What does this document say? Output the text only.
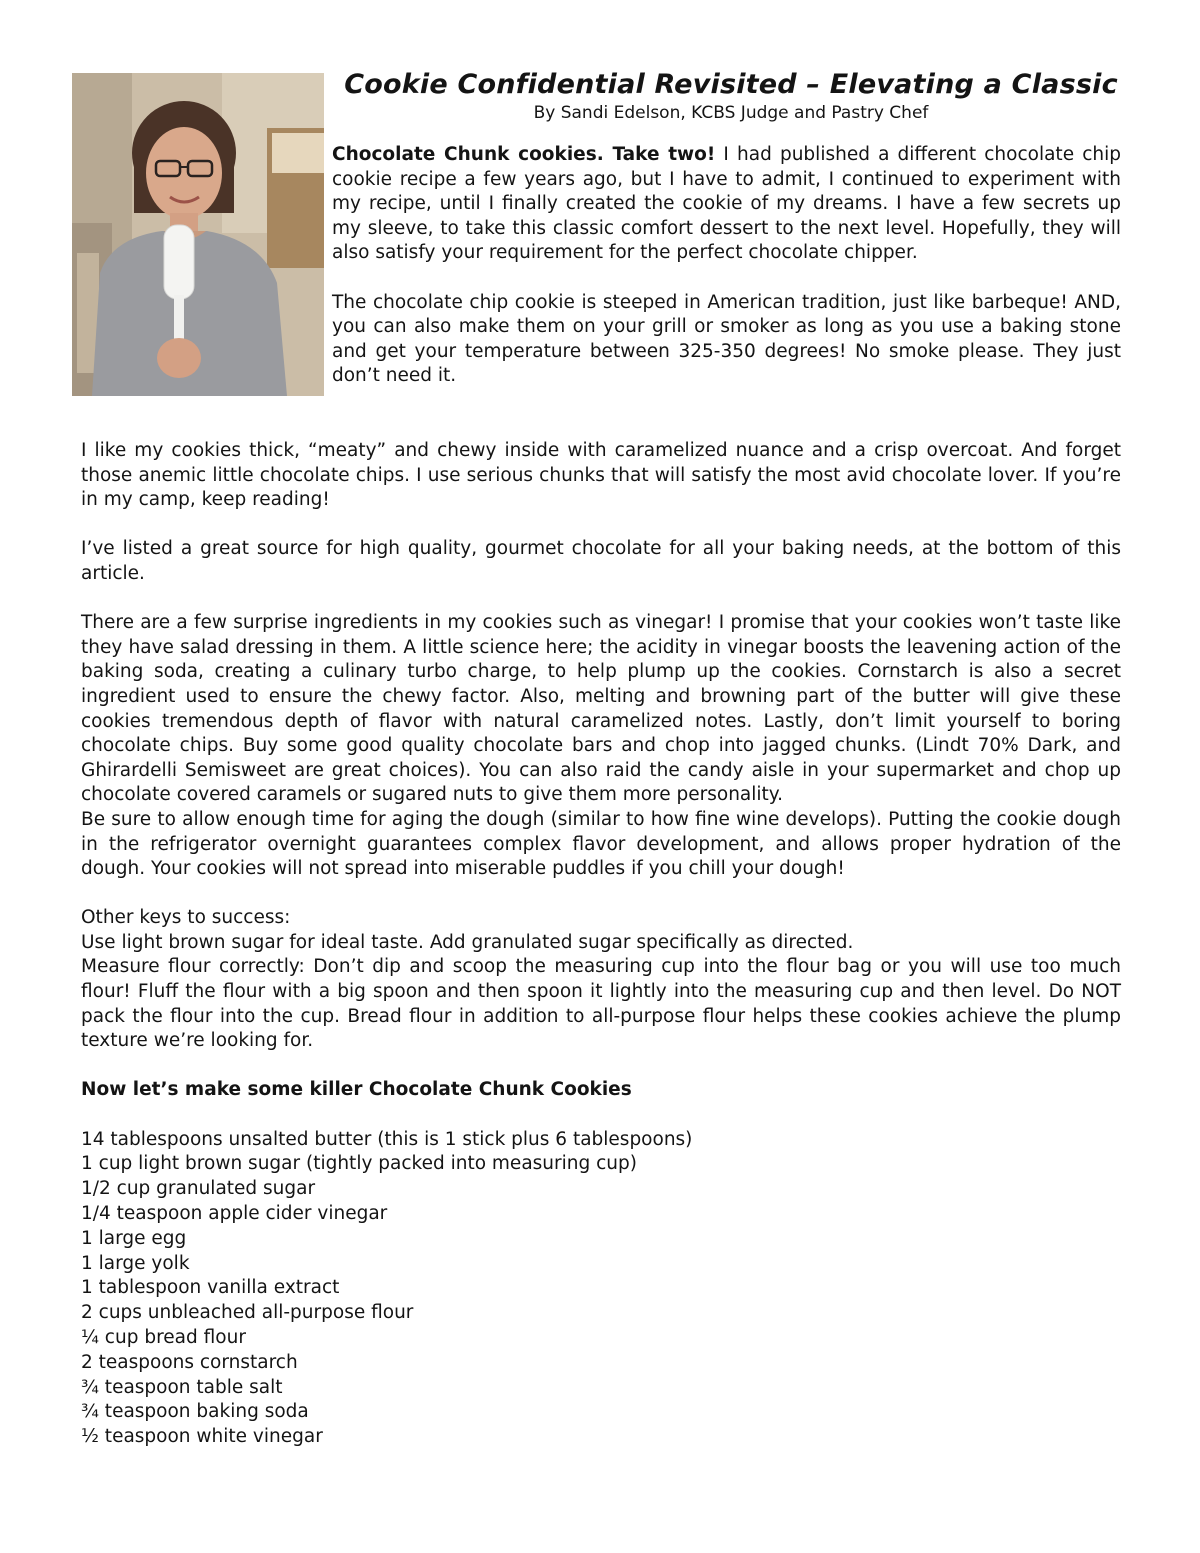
Cookie Confidential Revisited – Elevating a Classic
By Sandi Edelson, KCBS Judge and Pastry Chef

Chocolate Chunk cookies. Take two! I had published a different chocolate chip cookie recipe a few years ago, but I have to admit, I continued to experiment with my recipe, until I finally created the cookie of my dreams. I have a few secrets up my sleeve, to take this classic comfort dessert to the next level. Hopefully, they will also satisfy your requirement for the perfect chocolate chipper.

The chocolate chip cookie is steeped in American tradition, just like barbeque! AND, you can also make them on your grill or smoker as long as you use a baking stone and get your temperature between 325-350 degrees! No smoke please. They just don’t need it.

I like my cookies thick, “meaty” and chewy inside with caramelized nuance and a crisp overcoat. And forget those anemic little chocolate chips. I use serious chunks that will satisfy the most avid chocolate lover. If you’re in my camp, keep reading!

I’ve listed a great source for high quality, gourmet chocolate for all your baking needs, at the bottom of this article.

There are a few surprise ingredients in my cookies such as vinegar! I promise that your cookies won’t taste like they have salad dressing in them. A little science here; the acidity in vinegar boosts the leavening action of the baking soda, creating a culinary turbo charge, to help plump up the cookies. Cornstarch is also a secret ingredient used to ensure the chewy factor. Also, melting and browning part of the butter will give these cookies tremendous depth of flavor with natural caramelized notes. Lastly, don’t limit yourself to boring chocolate chips. Buy some good quality chocolate bars and chop into jagged chunks. (Lindt 70% Dark, and Ghirardelli Semisweet are great choices). You can also raid the candy aisle in your supermarket and chop up chocolate covered caramels or sugared nuts to give them more personality.

Be sure to allow enough time for aging the dough (similar to how fine wine develops). Putting the cookie dough in the refrigerator overnight guarantees complex flavor development, and allows proper hydration of the dough. Your cookies will not spread into miserable puddles if you chill your dough!

Other keys to success:
Use light brown sugar for ideal taste. Add granulated sugar specifically as directed.
Measure flour correctly: Don’t dip and scoop the measuring cup into the flour bag or you will use too much flour! Fluff the flour with a big spoon and then spoon it lightly into the measuring cup and then level. Do NOT pack the flour into the cup. Bread flour in addition to all-purpose flour helps these cookies achieve the plump texture we’re looking for.

Now let’s make some killer Chocolate Chunk Cookies
14 tablespoons unsalted butter (this is 1 stick plus 6 tablespoons)
1 cup light brown sugar (tightly packed into measuring cup)
1/2 cup granulated sugar
1/4 teaspoon apple cider vinegar
1 large egg
1 large yolk
1 tablespoon vanilla extract
2 cups unbleached all-purpose flour
¼ cup bread flour
2 teaspoons cornstarch
¾ teaspoon table salt
¾ teaspoon baking soda
½ teaspoon white vinegar
